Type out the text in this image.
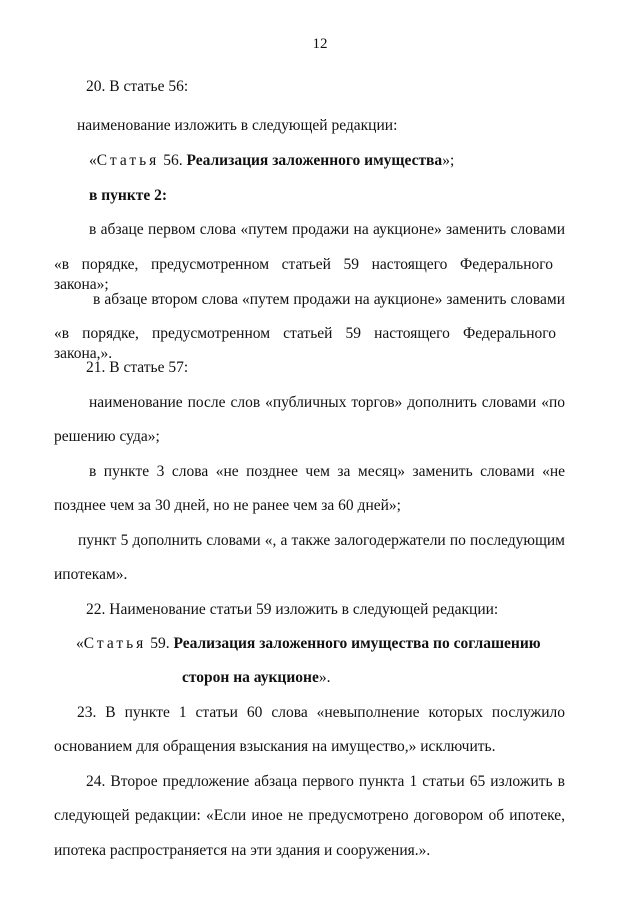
12
20. В статье 56:
наименование изложить в следующей редакции:
«Статья 56. Реализация заложенного имущества»;
в пункте 2:
в абзаце первом слова «путем продажи на аукционе» заменить словами
«в порядке, предусмотренном статьей 59 настоящего Федерального закона»;
в абзаце втором слова «путем продажи на аукционе» заменить словами
«в порядке, предусмотренном статьей 59 настоящего Федерального закона,».
21. В статье 57:
наименование после слов «публичных торгов» дополнить словами «по
решению суда»;
в пункте 3 слова «не позднее чем за месяц» заменить словами «не
позднее чем за 30 дней, но не ранее чем за 60 дней»;
пункт 5 дополнить словами «, а также залогодержатели по последующим
ипотекам».
22. Наименование статьи 59 изложить в следующей редакции:
«Статья 59. Реализация заложенного имущества по соглашению
сторон на аукционе».
23. В пункте 1 статьи 60 слова «невыполнение которых послужило
основанием для обращения взыскания на имущество,» исключить.
24. Второе предложение абзаца первого пункта 1 статьи 65 изложить в
следующей редакции: «Если иное не предусмотрено договором об ипотеке,
ипотека распространяется на эти здания и сооружения.».
